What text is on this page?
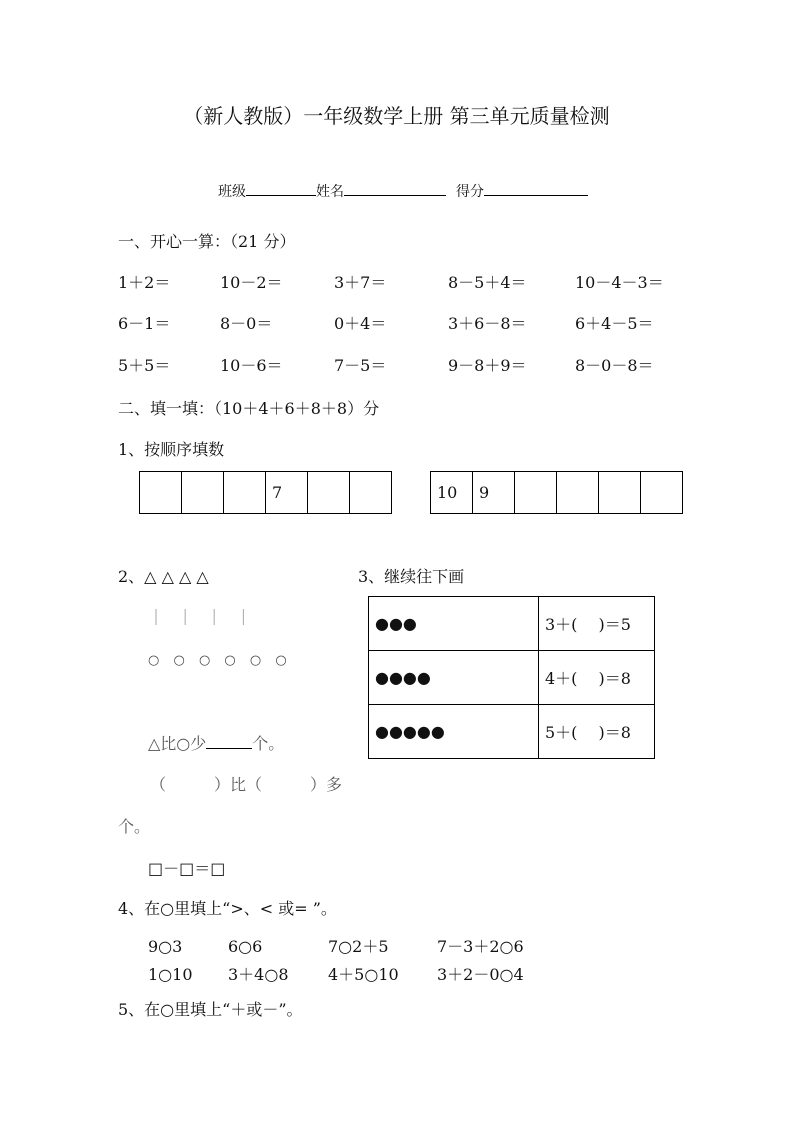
（新人教版）一年级数学上册 第三单元质量检测
班级	姓名	得分
一、开心一算：（21 分）
二、填一填：（10＋4＋6＋8＋8）分
1、按顺序填数
			7			10	9				
2、△ △ △ △
｜ ｜ ｜ ｜
○ ○ ○ ○ ○ ○
△比○少	个。
（　　　）比（　　　）多
个。
□－□＝□
3、继续往下画
●●●	3＋(　 )＝5
●●●●	4＋(　 )＝8
●●●●●	5＋(　 )＝8
4、在○里填上“>、< 或= ”。
5、在○里填上“＋或－”。
1＋2＝	10－2＝	3＋7＝	8－5＋4＝	10－4－3＝
6－1＝	8－0＝	0＋4＝	3＋6－8＝	6＋4－5＝
5＋5＝	10－6＝	7－5＝	9－8＋9＝	8－0－8＝
9○3	6○6	7○2＋5	7－3＋2○6
1○10 3＋4○8 4＋5○10 3＋2－0○4
